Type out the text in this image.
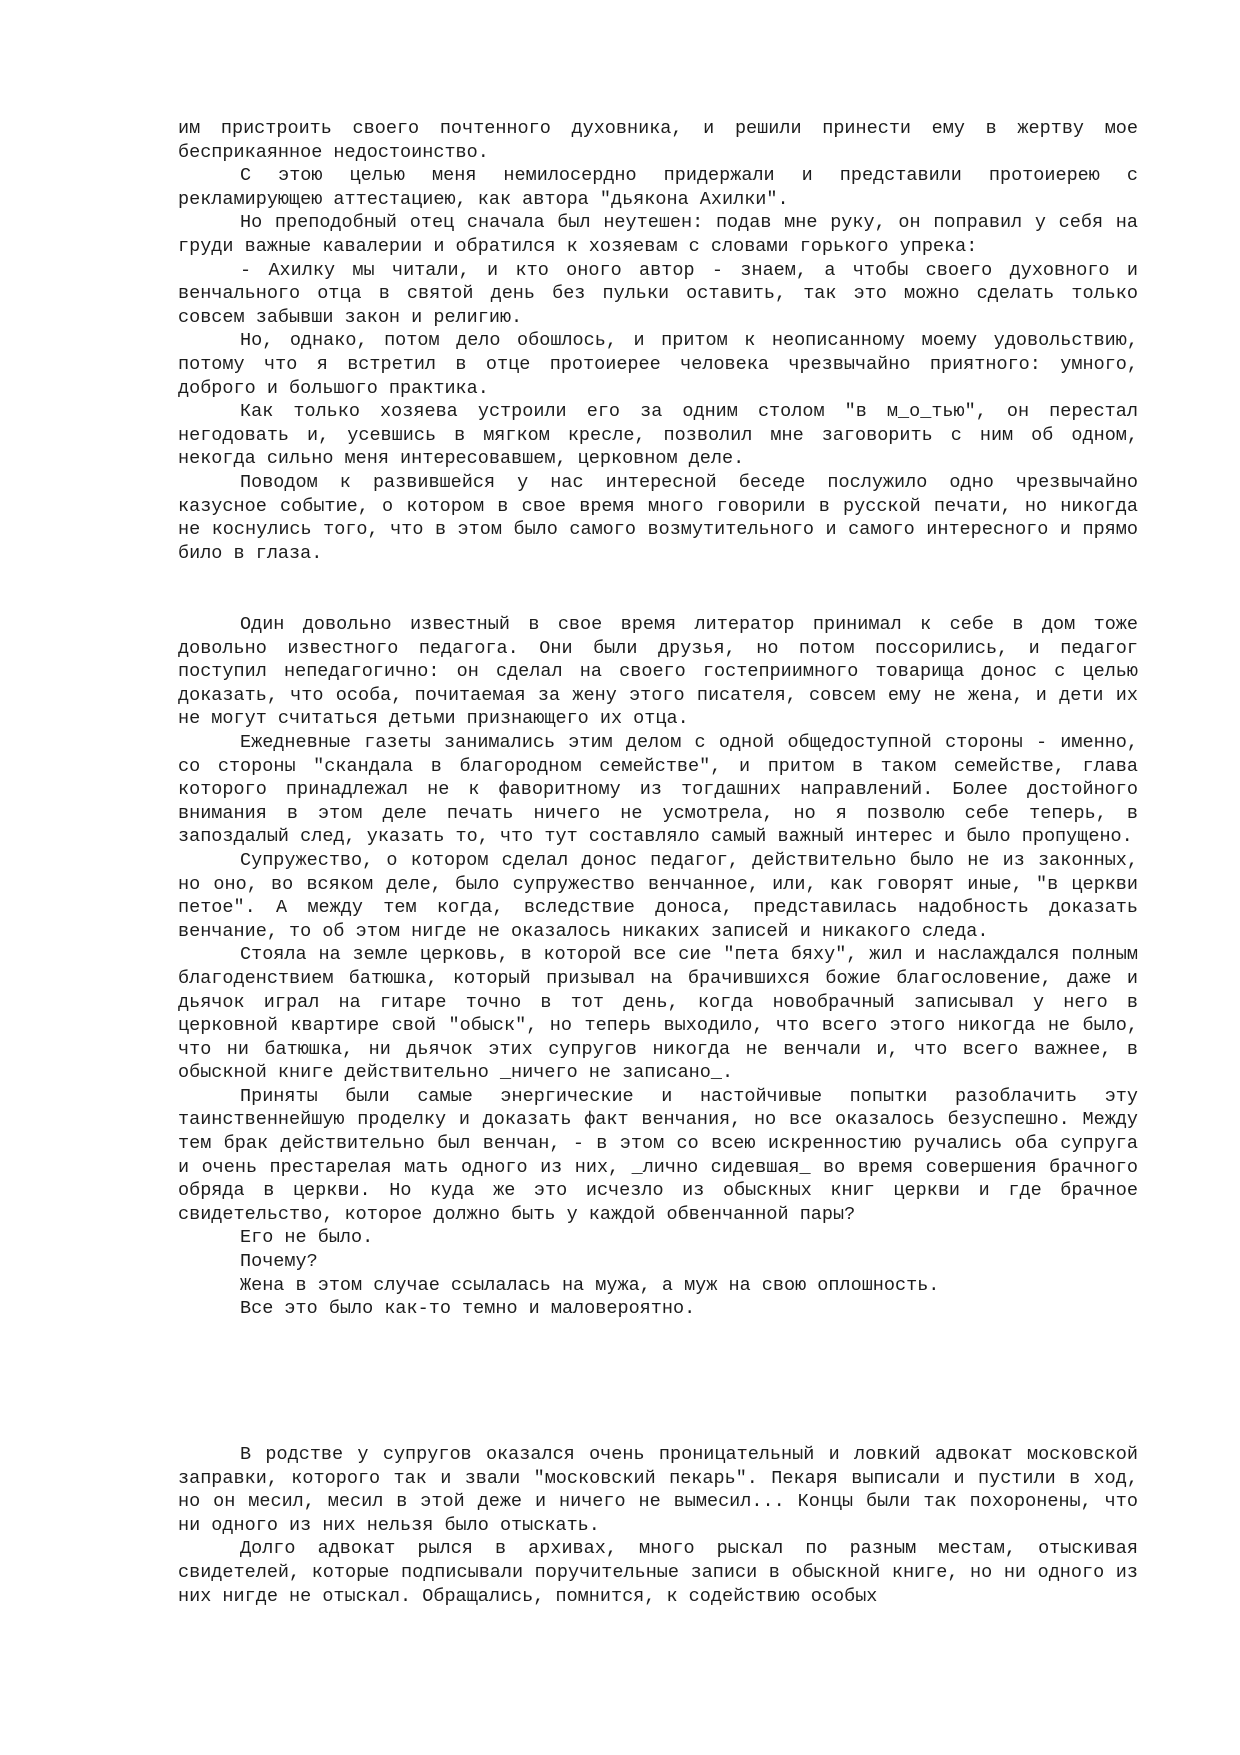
им пристроить своего почтенного духовника, и решили принести ему в жертву мое бесприкаянное недостоинство.

С этою целью меня немилосердно придержали и представили протоиерею с рекламирующею аттестациею, как автора "дьякона Ахилки".

Но преподобный отец сначала был неутешен: подав мне руку, он поправил у себя на груди важные кавалерии и обратился к хозяевам с словами горького упрека:

- Ахилку мы читали, и кто оного автор - знаем, а чтобы своего духовного и венчального отца в святой день без пульки оставить, так это можно сделать только совсем забывши закон и религию.

Но, однако, потом дело обошлось, и притом к неописанному моему удовольствию, потому что я встретил в отце протоиерее человека чрезвычайно приятного: умного, доброго и большого практика.

Как только хозяева устроили его за одним столом "в м_о_тью", он перестал негодовать и, усевшись в мягком кресле, позволил мне заговорить с ним об одном, некогда сильно меня интересовавшем, церковном деле.

Поводом к развившейся у нас интересной беседе послужило одно чрезвычайно казусное событие, о котором в свое время много говорили в русской печати, но никогда не коснулись того, что в этом было самого возмутительного и самого интересного и прямо било в глаза.

Один довольно известный в свое время литератор принимал к себе в дом тоже довольно известного педагога. Они были друзья, но потом поссорились, и педагог поступил непедагогично: он сделал на своего гостеприимного товарища донос с целью доказать, что особа, почитаемая за жену этого писателя, совсем ему не жена, и дети их не могут считаться детьми признающего их отца.

Ежедневные газеты занимались этим делом с одной общедоступной стороны - именно, со стороны "скандала в благородном семействе", и притом в таком семействе, глава которого принадлежал не к фаворитному из тогдашних направлений. Более достойного внимания в этом деле печать ничего не усмотрела, но я позволю себе теперь, в запоздалый след, указать то, что тут составляло самый важный интерес и было пропущено.

Супружество, о котором сделал донос педагог, действительно было не из законных, но оно, во всяком деле, было супружество венчанное, или, как говорят иные, "в церкви петое". А между тем когда, вследствие доноса, представилась надобность доказать венчание, то об этом нигде не оказалось никаких записей и никакого следа.

Стояла на земле церковь, в которой все сие "пета бяху", жил и наслаждался полным благоденствием батюшка, который призывал на брачившихся божие благословение, даже и дьячок играл на гитаре точно в тот день, когда новобрачный записывал у него в церковной квартире свой "обыск", но теперь выходило, что всего этого никогда не было, что ни батюшка, ни дьячок этих супругов никогда не венчали и, что всего важнее, в обыскной книге действительно _ничего не записано_.

Приняты были самые энергические и настойчивые попытки разоблачить эту таинственнейшую проделку и доказать факт венчания, но все оказалось безуспешно. Между тем брак действительно был венчан, - в этом со всею искренностию ручались оба супруга и очень престарелая мать одного из них, _лично сидевшая_ во время совершения брачного обряда в церкви. Но куда же это исчезло из обыскных книг церкви и где брачное свидетельство, которое должно быть у каждой обвенчанной пары?

Его не было.

Почему?

Жена в этом случае ссылалась на мужа, а муж на свою оплошность.

Все это было как-то темно и маловероятно.

В родстве у супругов оказался очень проницательный и ловкий адвокат московской заправки, которого так и звали "московский пекарь". Пекаря выписали и пустили в ход, но он месил, месил в этой деже и ничего не вымесил... Концы были так похоронены, что ни одного из них нельзя было отыскать.

Долго адвокат рылся в архивах, много рыскал по разным местам, отыскивая свидетелей, которые подписывали поручительные записи в обыскной книге, но ни одного из них нигде не отыскал. Обращались, помнится, к содействию особых
